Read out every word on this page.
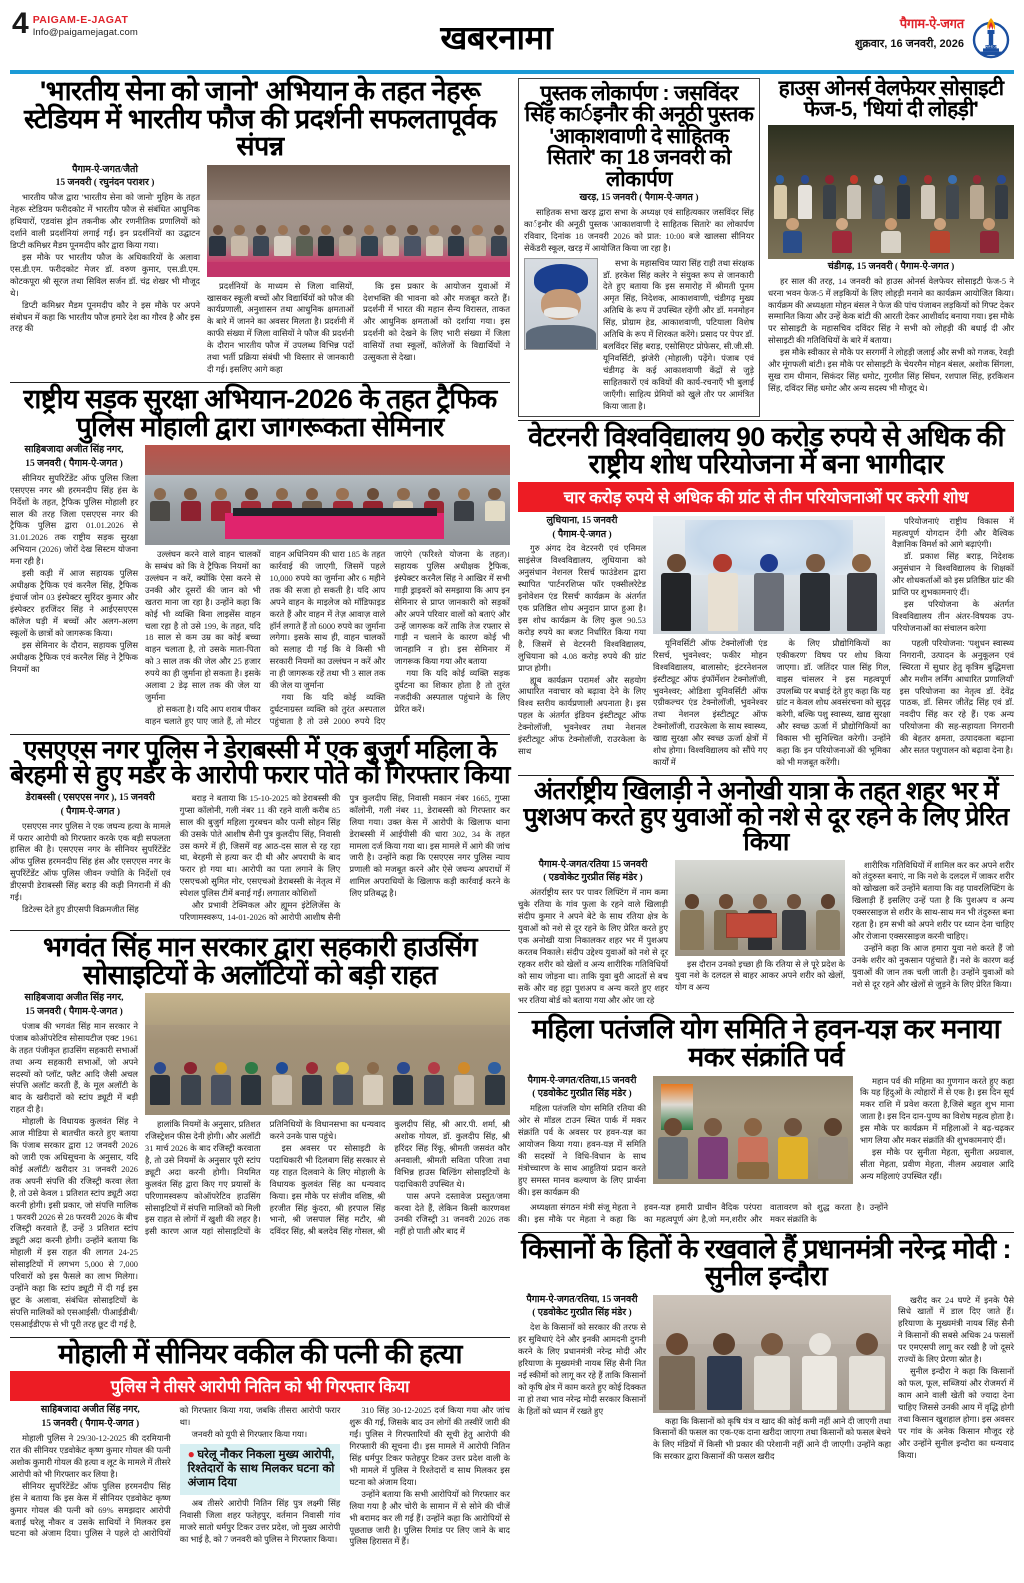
4 PAIGAM-E-JAGAT
Info@paigamejagat.com	खबरनामा	पैगाम-ऐ-जगत
शुक्रवार, 16 जनवरी, 2026	PAIGAM-E-JAGAT
'भारतीय सेना को जानो' अभियान के तहत नेहरू स्टेडियम में भारतीय फौज की प्रदर्शनी सफलतापूर्वक संपन्न
पैगाम-ऐ-जगत/जैतो
15 जनवरी ( रघुनंदन पराशर )

भारतीय फौज द्वारा 'भारतीय सेना को जानो' मुहिम के तहत नेहरू स्टेडियम फरीदकोट में भारतीय फौज से संबंधित आधुनिक हथियारों, एडवांस ड्रोन तकनीक और रणनीतिक प्रणालियों को दर्शाने वाली प्रदर्शनियां लगाई गईं। इन प्रदर्शनियों का उद्घाटन डिप्टी कमिश्नर मैडम पूनमदीप कौर द्वारा किया गया।

इस मौके पर भारतीय फौज के अधिकारियों के अलावा एस.डी.एम. फरीदकोट मेजर डॉ. वरुण कुमार, एस.डी.एम. कोटकपूरा श्री सूरज तथा सिविल सर्जन डॉ. चंद्र शेखर भी मौजूद थे।

डिप्टी कमिश्नर मैडम पूनमदीप कौर ने इस मौके पर अपने संबोधन में कहा कि भारतीय फौज हमारे देश का गौरव है और इस तरह की

प्रदर्शनियों के माध्यम से जिला वासियों, खासकर स्कूली बच्चों और विद्यार्थियों को फौज की कार्यप्रणाली, अनुशासन तथा आधुनिक क्षमताओं के बारे में जानने का अवसर मिलता है। प्रदर्शनी में काफी संख्या में जिला वासियों ने फौज की प्रदर्शनी के दौरान भारतीय फौज में उपलब्ध विभिन्न पदों तथा भर्ती प्रक्रिया संबंधी भी विस्तार से जानकारी दी गई। इसलिए आगे कहा

कि इस प्रकार के आयोजन युवाओं में देशभक्ति की भावना को और मजबूत करते हैं। प्रदर्शनी में भारत की महान सैन्य विरासत, ताकत और आधुनिक क्षमताओं को दर्शाया गया। इस प्रदर्शनी को देखने के लिए भारी संख्या में जिला वासियों तथा स्कूलों, कॉलेजों के विद्यार्थियों ने उत्सुकता से देखा।

राष्ट्रीय सड़क सुरक्षा अभियान-2026 के तहत ट्रैफिक पुलिस मोहाली द्वारा जागरूकता सेमिनार
साहिबजादा अजीत सिंह नगर,
15 जनवरी ( पैगाम-ऐ-जगत )

सीनियर सुपरिटेंडेंट ऑफ पुलिस जिला एसएएस नगर श्री हरमनदीप सिंह हंस के निर्देशों के तहत, ट्रैफिक पुलिस मोहाली हर साल की तरह जिला एसएएस नगर की ट्रैफिक पुलिस द्वारा 01.01.2026 से 31.01.2026 तक राष्ट्रीय सड़क सुरक्षा अभियान (2026) जोरों देख सिस्टम योजना मना रही है।

इसी कड़ी में आज सहायक पुलिस अधीक्षक ट्रैफिक एवं करनैल सिंह, ट्रैफिक इंचार्ज जोन 03 इंस्पेक्टर सुरिंदर कुमार और इंस्पेक्टर हरजिंदर सिंह ने आईएसएएस कॉलेज घड़ी में बच्चों और अलग-अलग स्कूलों के छात्रों को जागरूक किया।

इस सेमिनार के दौरान, सहायक पुलिस अधीक्षक ट्रैफिक एवं करनैल सिंह ने ट्रैफिक नियमों का

उल्लंघन करने वाले वाहन चालकों के सम्बंध को कि वे ट्रैफिक नियमों का उल्लंघन न करें, क्योंकि ऐसा करने से उनकी और दूसरों की जान को भी खतरा माना जा रहा है। उन्होंने कहा कि कोई भी व्यक्ति बिना लाइसेंस वाहन चला रहा है तो उसे 199, के तहत, यदि 18 साल से कम उम्र का कोई बच्चा वाहन चलाता है, तो उसके माता-पिता को 3 साल तक की जेल और 25 हजार रुपये का ही जुर्माना हो सकता है। इसके अलावा 2 डेढ़ साल तक की जेल या जुर्माना

हो सकता है। यदि आप शराब पीकर वाहन चलाते हुए पाए जाते हैं, तो मोटर वाहन अधिनियम की धारा 185 के तहत कार्रवाई की जाएगी, जिसमें पहले 10,000 रुपये का जुर्माना और 6 महीने तक की सजा हो सकती है। यदि आप अपने वाहन के माइलेज को मॉडिफाइड करते हैं और वाहन में तेज़ आवाज़ वाले हॉर्न लगाते हैं तो 6000 रुपये का जुर्माना लगेगा। इसके साथ ही, वाहन चालकों को सलाह दी गई कि वे किसी भी सरकारी नियमों का उल्लंघन न करें और ना ही जागरूक रहें तथा भी 3 साल तक की जेल या जुर्माना

गया कि यदि कोई व्यक्ति दुर्घटनाग्रस्त व्यक्ति को तुरंत अस्पताल पहुंचाता है तो उसे 2000 रुपये दिए जाएंगे (फरिश्ते योजना के तहत)। सहायक पुलिस अधीक्षक ट्रैफिक, इंस्पेक्टर करनैल सिंह ने आखिर में सभी गाड़ी ड्राइवरों को समझाया कि आप इन सेमिनार से प्राप्त जानकारी को सड़कों और अपने परिवार वालों को बताएं और उन्हें जागरूक करें ताकि तेज रफ्तार से गाड़ी न चलाने के कारण कोई भी जानहानि न हो। इस सेमिनार में जागरूक किया गया और बताया

गया कि यदि कोई व्यक्ति सड़क दुर्घटना का शिकार होता है तो तुरंत नजदीकी अस्पताल पहुंचाने के लिए प्रेरित करें।

एसएएस नगर पुलिस ने डेराबस्सी में एक बुजुर्ग महिला के बेरहमी से हुए मर्डर के आरोपी फरार पोते को गिरफ्तार किया
डेराबस्सी ( एसएएस नगर ), 15 जनवरी
( पैगाम-ऐ-जगत )

एसएएस नगर पुलिस ने एक जघन्य हत्या के मामले में फरार आरोपी को गिरफ्तार करके एक बड़ी सफलता हासिल की है। एसएएस नगर के सीनियर सुपरिंटेंडेंट ऑफ पुलिस हरमनदीप सिंह हंस और एसएएस नगर के सुपरिंटेंडेंट ऑफ पुलिस जीवन ज्योति के निर्देशों एवं डीएसपी डेराबस्सी सिंह बराड़ की कड़ी निगरानी में की गई।

डिटेल्स देते हुए डीएसपी विक्रमजीत सिंह

बराड़ ने बताया कि 15-10-2025 को डेराबस्सी की गुप्सा कॉलोनी, गली नंबर 11 की रहने वाली करीब 85 साल की बुजुर्ग महिला गुरबचन कौर पत्नी सोहन सिंह की उसके पोते आशीष सैनी पुत्र कुलदीप सिंह, निवासी उस कमरे में ही, जिसमें वह आठ-दस साल से रह रहा था, बेरहमी से हत्या कर दी थी और अपराधी के बाद फरार हो गया था। आरोपी का पता लगाने के लिए एसएचओ सुमित मोर, एसएचओ डेराबस्सी के नेतृत्व में स्पेशल पुलिस टीमें बनाई गईं। लगातार कोशिशों

और प्रभावी टेक्निकल और ह्यूमन इंटेलिजेंस के परिणामस्वरूप, 14-01-2026 को आरोपी आशीष सैनी पुत्र कुलदीप सिंह, निवासी मकान नंबर 1665, गुप्सा कॉलोनी, गली नंबर 11, डेराबस्सी को गिरफ्तार कर लिया गया। उक्त केस में आरोपी के खिलाफ थाना डेराबस्सी में आईपीसी की धारा 302, 34 के तहत मामला दर्ज किया गया था। इस मामले में आगे की जांच जारी है। उन्होंने कहा कि एसएएस नगर पुलिस न्याय प्रणाली को मजबूत करने और ऐसे जघन्य अपराधों में शामिल अपराधियों के खिलाफ कड़ी कार्रवाई करने के लिए प्रतिबद्ध है।

भगवंत सिंह मान सरकार द्वारा सहकारी हाउसिंग सोसाइटियों के अलॉटियों को बड़ी राहत
साहिबजादा अजीत सिंह नगर,
15 जनवरी ( पैगाम-ऐ-जगत )

पंजाब की भगवंत सिंह मान सरकार ने पंजाब कोऑपरेटिव सोसायटीज एक्ट 1961 के तहत पंजीकृत हाउसिंग सहकारी सभाओं तथा अन्य सहकारी सभाओं, जो अपने सदस्यों को प्लॉट, फ्लैट आदि जैसी अचल संपत्ति अलॉट करती हैं, के मूल अलॉटी के बाद के खरीदारों को स्टांप ड्यूटी में बड़ी राहत दी है।

मोहाली के विधायक कुलवंत सिंह ने आज मीडिया से बातचीत करते हुए बताया कि पंजाब सरकार द्वारा 12 जनवरी 2026 को जारी एक अधिसूचना के अनुसार, यदि कोई अलॉटी/ खरीदार 31 जनवरी 2026 तक अपनी संपत्ति की रजिस्ट्री करवा लेता है, तो उसे केवल 1 प्रतिशत स्टांप ड्यूटी अदा करनी होगी। इसी प्रकार, जो संपत्ति मालिक 1 फरवरी 2026 से 28 फरवरी 2026 के बीच रजिस्ट्री करवाते हैं, उन्हें 3 प्रतिशत स्टांप ड्यूटी अदा करनी होगी। उन्होंने बताया कि मोहाली में इस राहत की लागत 24-25 सोसाइटियों में लगभग 5,000 से 7,000 परिवारों को इस फैसले का लाभ मिलेगा। उन्होंने कहा कि स्टांप ड्यूटी में दी गई इस छूट के अलावा, संबंधित सोसाइटियों के संपत्ति मालिकों को एसआईसी/ पीआईडीबी/ एसआईडीएफ से भी पूरी तरह छूट दी गई है,

हालांकि नियमों के अनुसार, प्रतिशत रजिस्ट्रेशन फीस देनी होगी। और अलॉटी 31 मार्च 2026 के बाद रजिस्ट्री करवाता है, तो उसे नियमों के अनुसार पूरी स्टांप ड्यूटी अदा करनी होगी। नियमित कुलवंत सिंह द्वारा किए गए प्रयासों के परिणामस्वरूप कोऑपरेटिव हाउसिंग सोसाइटियों में संपत्ति मालिकों को मिली इस राहत से लोगों में खुशी की लहर है। इसी कारण आज यहां सोसाइटियों के प्रतिनिधियों के विधानसभा का धन्यवाद करने उनके पास पहुंचे।

इस अवसर पर सोसाइटी के पदाधिकारी भी दिलबाग सिंह सरकार से यह राहत दिलवाने के लिए मोहाली के विधायक कुलवंत सिंह का धन्यवाद किया। इस मौके पर संजीव वशिष्ठ, श्री हरजीत सिंह कुंदरा, श्री हरपाल सिंह भानो, श्री जसपाल सिंह मटौर, श्री दविंदर सिंह, श्री बलदेव सिंह गोसल, श्री कुलदीप सिंह, श्री आर.पी. शर्मा, श्री अशोक गोयल, डॉ. कुलदीप सिंह, श्री हरिंदर सिंह रिंकू, श्रीमती जसवंत कौर अनवाली, श्रीमती सविता परिजा तथा विभिन्न हाउस बिल्डिंग सोसाइटियों के पदाधिकारी उपस्थित थे।

पास अपने दस्तावेज प्रस्तुत/जमा करवा देते हैं, लेकिन किसी कारणवश उनकी रजिस्ट्री 31 जनवरी 2026 तक नहीं हो पाती और बाद में

मोहाली में सीनियर वकील की पत्नी की हत्या
पुलिस ने तीसरे आरोपी नितिन को भी गिरफ्तार किया
साहिबजादा अजीत सिंह नगर,
15 जनवरी ( पैगाम-ऐ-जगत )

मोहाली पुलिस ने 29/30-12-2025 की दरमियानी रात की सीनियर एडवोकेट कृष्ण कुमार गोयल की पत्नी अशोक कुमारी गोयल की हत्या व लूट के मामले में तीसरे आरोपी को भी गिरफ्तार कर लिया है।

सीनियर सुपरिंटेंडेंट ऑफ पुलिस हरमनदीप सिंह हंस ने बताया कि इस केस में सीनियर एडवोकेट कृष्ण कुमार गोयल की पत्नी को 69% समझदार आरोपी बताई घरेलू नौकर व उसके साथियों ने मिलकर इस घटना को अंजाम दिया। पुलिस ने पहले दो आरोपियों को गिरफ्तार किया गया, जबकि तीसरा आरोपी फरार था।

जनवरी को यूपी से गिरफ्तार किया गया।

● घरेलू नौकर निकला मुख्य आरोपी, रिश्तेदारों के साथ मिलकर घटना को अंजाम दिया

अब तीसरे आरोपी नितिन सिंह पुत्र लक्ष्मी सिंह निवासी जिला शहर फतेहपुर, वर्तमान निवासी गांव माजरे सातो धर्मपुर टिकर उत्तर प्रदेश, जो मुख्य आरोपी का भाई है, को 7 जनवरी को पुलिस ने गिरफ्तार किया।

310 सिंह 30-12-2025 दर्ज किया गया और जांच शुरू की गई, जिसके बाद उन लोगों की तस्वीरें जारी की गईं। पुलिस ने गिरफ्तारियों की सूची हेतु आरोपी की गिरफ्तारी की सूचना दी। इस मामले में आरोपी नितिन सिंह धर्मपुर टिकर फतेहपुर टिकर उत्तर प्रदेश वाली के भी मामले में पुलिस ने रिश्तेदारों व साथ मिलकर इस घटना को अंजाम दिया।

उन्होंने बताया कि सभी आरोपियों को गिरफ्तार कर लिया गया है और चोरी के सामान में से सोने की चीजें भी बरामद कर ली गई हैं। उन्होंने कहा कि आरोपियों से पूछताछ जारी है। पुलिस रिमांड पर लिए जाने के बाद पुलिस हिरासत में हैं।

पुस्तक लोकार्पण : जसविंदर सिंह कार्इनौर की अनूठी पुस्तक 'आकाशवाणी दे साहितक सितारे' का 18 जनवरी को लोकार्पण
खरड़, 15 जनवरी ( पैगाम-ऐ-जगत )

साहितक सभा खरड़ द्वारा सभा के अध्यक्ष एवं साहित्यकार जसविंदर सिंह कार्इनौर की अनूठी पुस्तक 'आकाशवाणी दे साहितक सितारे' का लोकार्पण रविवार, दिनांक 18 जनवरी 2026 को प्रात: 10:00 बजे खालसा सीनियर सेकेंडरी स्कूल, खरड़ में आयोजित किया जा रहा है।

सभा के महासचिव प्यारा सिंह राही तथा संरक्षक डॉ. हरकेश सिंह कलेर ने संयुक्त रूप से जानकारी देते हुए बताया कि इस समारोह में श्रीमती पूनम अमृत सिंह, निदेशक, आकाशवाणी, चंडीगढ़ मुख्य अतिथि के रूप में उपस्थित रहेंगी और डॉ. मनमोहन सिंह, प्रोग्राम हेड, आकाशवाणी, पटियाला विशेष अतिथि के रूप में शिरकत करेंगे। प्रसाद पर पेपर डॉ. बलविंदर सिंह बराड़, एसोसिएट प्रोफेसर, सी.जी.सी. यूनिवर्सिटी, झंजेरी (मोहाली) पढ़ेंगे। पंजाब एवं चंडीगढ़ के कई आकाशवाणी केंद्रों से जुड़े साहितकारों एवं कवियों की कार्य-रचनाएँ भी बुलाई जाएँगी। साहित्य प्रेमियों को खुले तौर पर आमंत्रित किया जाता है।

हाउस ओनर्स वेलफेयर सोसाइटी फेज-5, 'धियां दी लोहड़ी'
चंडीगढ़, 15 जनवरी ( पैगाम-ऐ-जगत )

हर साल की तरह, 14 जनवरी को हाउस ओनर्स वेलफेयर सोसाइटी फेज-5 ने धरना भवन फेज-5 में लड़कियों के लिए लोहड़ी मनाने का कार्यक्रम आयोजित किया। कार्यक्रम की अध्यक्षता मोहन बंसल ने फेज की पांच पंजाबन लड़कियों को गिफ्ट देकर सम्मानित किया और उन्हें केक बांटी की आरती देकर आशीर्वाद बनाया गया। इस मौके पर सोसाइटी के महासचिव दविंदर सिंह ने सभी को लोहड़ी की बधाई दी और सोसाइटी की गतिविधियों के बारे में बताया।

इस मौके स्वीकार से मौके पर सरगर्मी ने लोहड़ी जलाई और सभी को गजक, रेवड़ी और मूंगफली बांटी। इस मौके पर सोसाइटी के चेयरमैन मोहन बंसल, अशोक सिंगला, सुख राम धीमान, सिकंदर सिंह धमोट, गुरमीत सिंह सिंघन, रशपाल सिंह, हरकिशन सिंह, दविंदर सिंह धमोट और अन्य सदस्य भी मौजूद थे।

वेटरनरी विश्वविद्यालय 90 करोड़ रुपये से अधिक की राष्ट्रीय शोध परियोजना में बना भागीदार
चार करोड़ रुपये से अधिक की ग्रांट से तीन परियोजनाओं पर करेगी शोध
लुधियाना, 15 जनवरी
( पैगाम-ऐ-जगत )

गुरु अंगद देव वेटरनरी एवं एनिमल साइंसेज विश्वविद्यालय, लुधियाना को अनुसंधान नेशनल रिसर्च फाउंडेशन द्वारा स्थापित 'पार्टनरशिप्स फॉर एक्सीलरेटेड इनोवेशन एंड रिसर्च' कार्यक्रम के अंतर्गत एक प्रतिष्ठित शोध अनुदान प्राप्त हुआ है। इस शोध कार्यक्रम के लिए कुल 90.53 करोड़ रुपये का बजट निर्धारित किया गया है, जिसमें से वेटरनरी विश्वविद्यालय, लुधियाना को 4.08 करोड़ रुपये की ग्रांट प्राप्त होगी।

ह्यूब कार्यक्रम परामर्श और सहयोग आधारित नवाचार को बढ़ावा देने के लिए विश्व स्तरीय कार्यप्रणाली अपनाता है। इस पहल के अंतर्गत इंडियन इंस्टीट्यूट ऑफ टेक्नोलॉजी, भुवनेश्वर तथा नेशनल इंस्टीट्यूट ऑफ टेक्नोलॉजी, राउरकेला के साथ

परियोजनाएं राष्ट्रीय विकास में महत्वपूर्ण योगदान देंगी और वैश्विक वैज्ञानिक विमर्श को आगे बढ़ाएंगी।

डॉ. प्रकाश सिंह बराड़, निदेशक अनुसंधान ने विश्वविद्यालय के शिक्षकों और शोधकर्ताओं को इस प्रतिष्ठित ग्रांट की प्राप्ति पर शुभकामनाएं दीं।

इस परियोजना के अंतर्गत विश्वविद्यालय तीन अंतर-विषयक उप-परियोजनाओं का संचालन करेगा

यूनिवर्सिटी ऑफ टेक्नोलॉजी एंड रिसर्च, भुवनेश्वर; फकीर मोहन विश्वविद्यालय, बालासोर; इंटरनेशनल इंस्टीट्यूट ऑफ इंफॉर्मेशन टेक्नोलॉजी, भुवनेश्वर; ओडिशा यूनिवर्सिटी ऑफ एग्रीकल्चर एंड टेक्नोलॉजी, भुवनेश्वर तथा नेशनल इंस्टीट्यूट ऑफ टेक्नोलॉजी, राउरकेला के साथ स्वास्थ्य, खाद्य सुरक्षा और स्वच्छ ऊर्जा क्षेत्रों में शोध होगा। विश्वविद्यालय को सौंपे गए कार्यों में

के लिए प्रौद्योगिकियों का एकीकरण' विषय पर शोध किया जाएगा। डॉ. जतिंदर पाल सिंह गिल, वाइस चांसलर ने इस महत्वपूर्ण उपलब्धि पर बधाई देते हुए कहा कि यह ग्रांट न केवल शोध अवसंरचना को सुदृढ़ करेगी, बल्कि पशु स्वास्थ्य, खाद्य सुरक्षा और स्वच्छ ऊर्जा में प्रौद्योगिकियों का विकास भी सुनिश्चित करेगी। उन्होंने कहा कि इन परियोजनाओं की भूमिका को भी मजबूत करेंगी।

पहली परियोजना: 'पशुधन स्वास्थ्य निगरानी, उत्पादन के अनुकूलन एवं स्थिरता में सुधार हेतु कृत्रिम बुद्धिमत्ता और मशीन लर्निंग आधारित प्रणालियाँ' इस परियोजना का नेतृत्व डॉ. देवेंद्र पाठक, डॉ. सिमर जीतेंद्र सिंह एवं डॉ. नवदीप सिंह कर रहे हैं। एक अन्य परियोजना की सह-सहायता निगरानी की बेहतर क्षमता, उत्पादकता बढ़ाना और सतत पशुपालन को बढ़ावा देना है।

अंतर्राष्ट्रीय खिलाड़ी ने अनोखी यात्रा के तहत शहर भर में पुशअप करते हुए युवाओं को नशे से दूर रहने के लिए प्रेरित किया
पैगाम-ऐ-जगत/रतिया 15 जनवरी
( एडवोकेट गुरप्रीत सिंह मंडेर )

अंतर्राष्ट्रीय स्तर पर पावर लिफ्टिंग में नाम कमा चुके रतिया के गांव फुला के रहने वाले खिलाड़ी संदीप कुमार ने अपने बेटे के साथ रतिया क्षेत्र के युवाओं को नशे से दूर रहने के लिए प्रेरित करते हुए एक अनोखी यात्रा निकालकर शहर भर में पुशअप करतब निकाले। संदीप उद्देश्य युवाओं को नशे से दूर रहकर शरीर को खेलों व अन्य शारीरिक गतिविधियों को साथ जोड़ना था। ताकि युवा बुरी आदतों से बच सकें और वह हट्टा पुशअप व अन्य करते हुए शहर भर रतिया बोर्ड को बताया गया और ओर जा रहे

इस दौरान उनको इच्छा ही कि रतिया से ले पूरे प्रदेश के युवा नशे के दलदल से बाहर आकर अपने शरीर को खेलों, योग व अन्य

शारीरिक गतिविधियों में शामिल कर कर अपने शरीर को तंदुरुस्त बनाएं, ना कि नशे के दलदल में जाकर शरीर को खोखला करें उन्होंने बताया कि वह पावरलिफ्टिंग के खिलाड़ी हैं इसलिए उन्हें पता है कि पुशअप व अन्य एक्सरसाइज से शरीर के साथ-साथ मन भी तंदुरुस्त बना रहता है। हम सभी को अपने शरीर पर ध्यान देना चाहिए और रोजाना एक्सरसाइज करनी चाहिए।

उन्होंने कहा कि आज हमारा युवा नशे करते हैं जो उनके शरीर को नुकसान पहुंचाते हैं। नशे के कारण कई युवाओं की जान तक चली जाती है। उन्होंने युवाओं को नशे से दूर रहने और खेलों से जुड़ने के लिए प्रेरित किया।

महिला पतंजलि योग समिति ने हवन-यज्ञ कर मनाया मकर संक्रांति पर्व
पैगाम-ऐ-जगत/रतिया,15 जनवरी
( एडवोकेट गुरप्रीत सिंह मंडेर )

महिला पतंजलि योग समिति रतिया की ओर से मॉडल टाउन स्थित पार्क में मकर संक्रांति पर्व के अवसर पर हवन-यज्ञ का आयोजन किया गया। हवन-यज्ञ में समिति की सदस्यों ने विधि-विधान के साथ मंत्रोच्चारण के साथ आहुतियां प्रदान करते हुए समस्त मानव कल्याण के लिए प्रार्थना की। इस कार्यक्रम की

महान पर्व की महिमा का गुणगान करते हुए कहा कि यह हिंदुओं के त्योहारों में से एक है। इस दिन सूर्य मकर राशि में प्रवेश करता है,जिसे बहुत शुभ माना जाता है। इस दिन दान-पुण्य का विशेष महत्व होता है। इस मौके पर कार्यक्रम में महिलाओं ने बढ़-चढ़कर भाग लिया और मकर संक्रांति की शुभकामनाएं दीं।

इस मौके पर सुनीता मेहता, सुनीता अग्रवाल, सीता मेहता, प्रवीण मेहता, नीलम अग्रवाल आदि अन्य महिलाएं उपस्थित रहीं।

अध्यक्षता संगठन मंत्री संजू मेहता ने की। इस मौके पर मेहता ने कहा कि हवन-यज्ञ हमारी प्राचीन वैदिक परंपरा का महत्वपूर्ण अंग है,जो मन,शरीर और वातावरण को शुद्ध करता है। उन्होंने मकर संक्रांति के

किसानों के हितों के रखवाले हैं प्रधानमंत्री नरेन्द्र मोदी : सुनील इन्दौरा
पैगाम-ऐ-जगत/रतिया, 15 जनवरी
( एडवोकेट गुरप्रीत सिंह मंडेर )

देश के किसानों को सरकार की तरफ से हर सुविधाएं देने और इनकी आमदनी दुगनी करने के लिए प्रधानमंत्री नरेन्द्र मोदी और हरियाणा के मुख्यमंत्री नायब सिंह सैनी नित नई स्कीमों को लागू कर रहे हैं ताकि किसानों को कृषि क्षेत्र में काम करते हुए कोई दिक्कत ना हो तथा भाव नरेन्द्र मोदी सरकार किसानों के हितों को ध्यान में रखते हुए

कहा कि किसानों को कृषि यंत्र व खाद की कोई कमी नहीं आने दी जाएगी तथा किसानों की फसल का एक-एक दाना खरीदा जाएगा तथा किसानों को फसल बेचने के लिए मंडियों में किसी भी प्रकार की परेशानी नहीं आने दी जाएगी। उन्होंने कहा कि सरकार द्वारा किसानों की फसल खरीद

खरीद कर 24 घण्टे में इनके पैसे सिधे खातों में डाल दिए जाते हैं। हरियाणा के मुख्यमंत्री नायब सिंह सैनी ने किसानों की सबसे अधिक 24 फसलों पर एमएसपी लागू कर रखी है जो दूसरे राज्यों के लिए प्रेरणा स्रोत है।

सुनील इन्दौरा ने कहा कि किसानों को फल, फूल, सब्जियां और रोजमर्रा में काम आने वाली खेती को ज्यादा देना चाहिए जिससे उनकी आय में वृद्धि होगी तथा किसान खुशहाल होगा। इस अवसर पर गांव के अनेक किसान मौजूद रहे और उन्होंने सुनील इन्दौरा का धन्यवाद किया।
